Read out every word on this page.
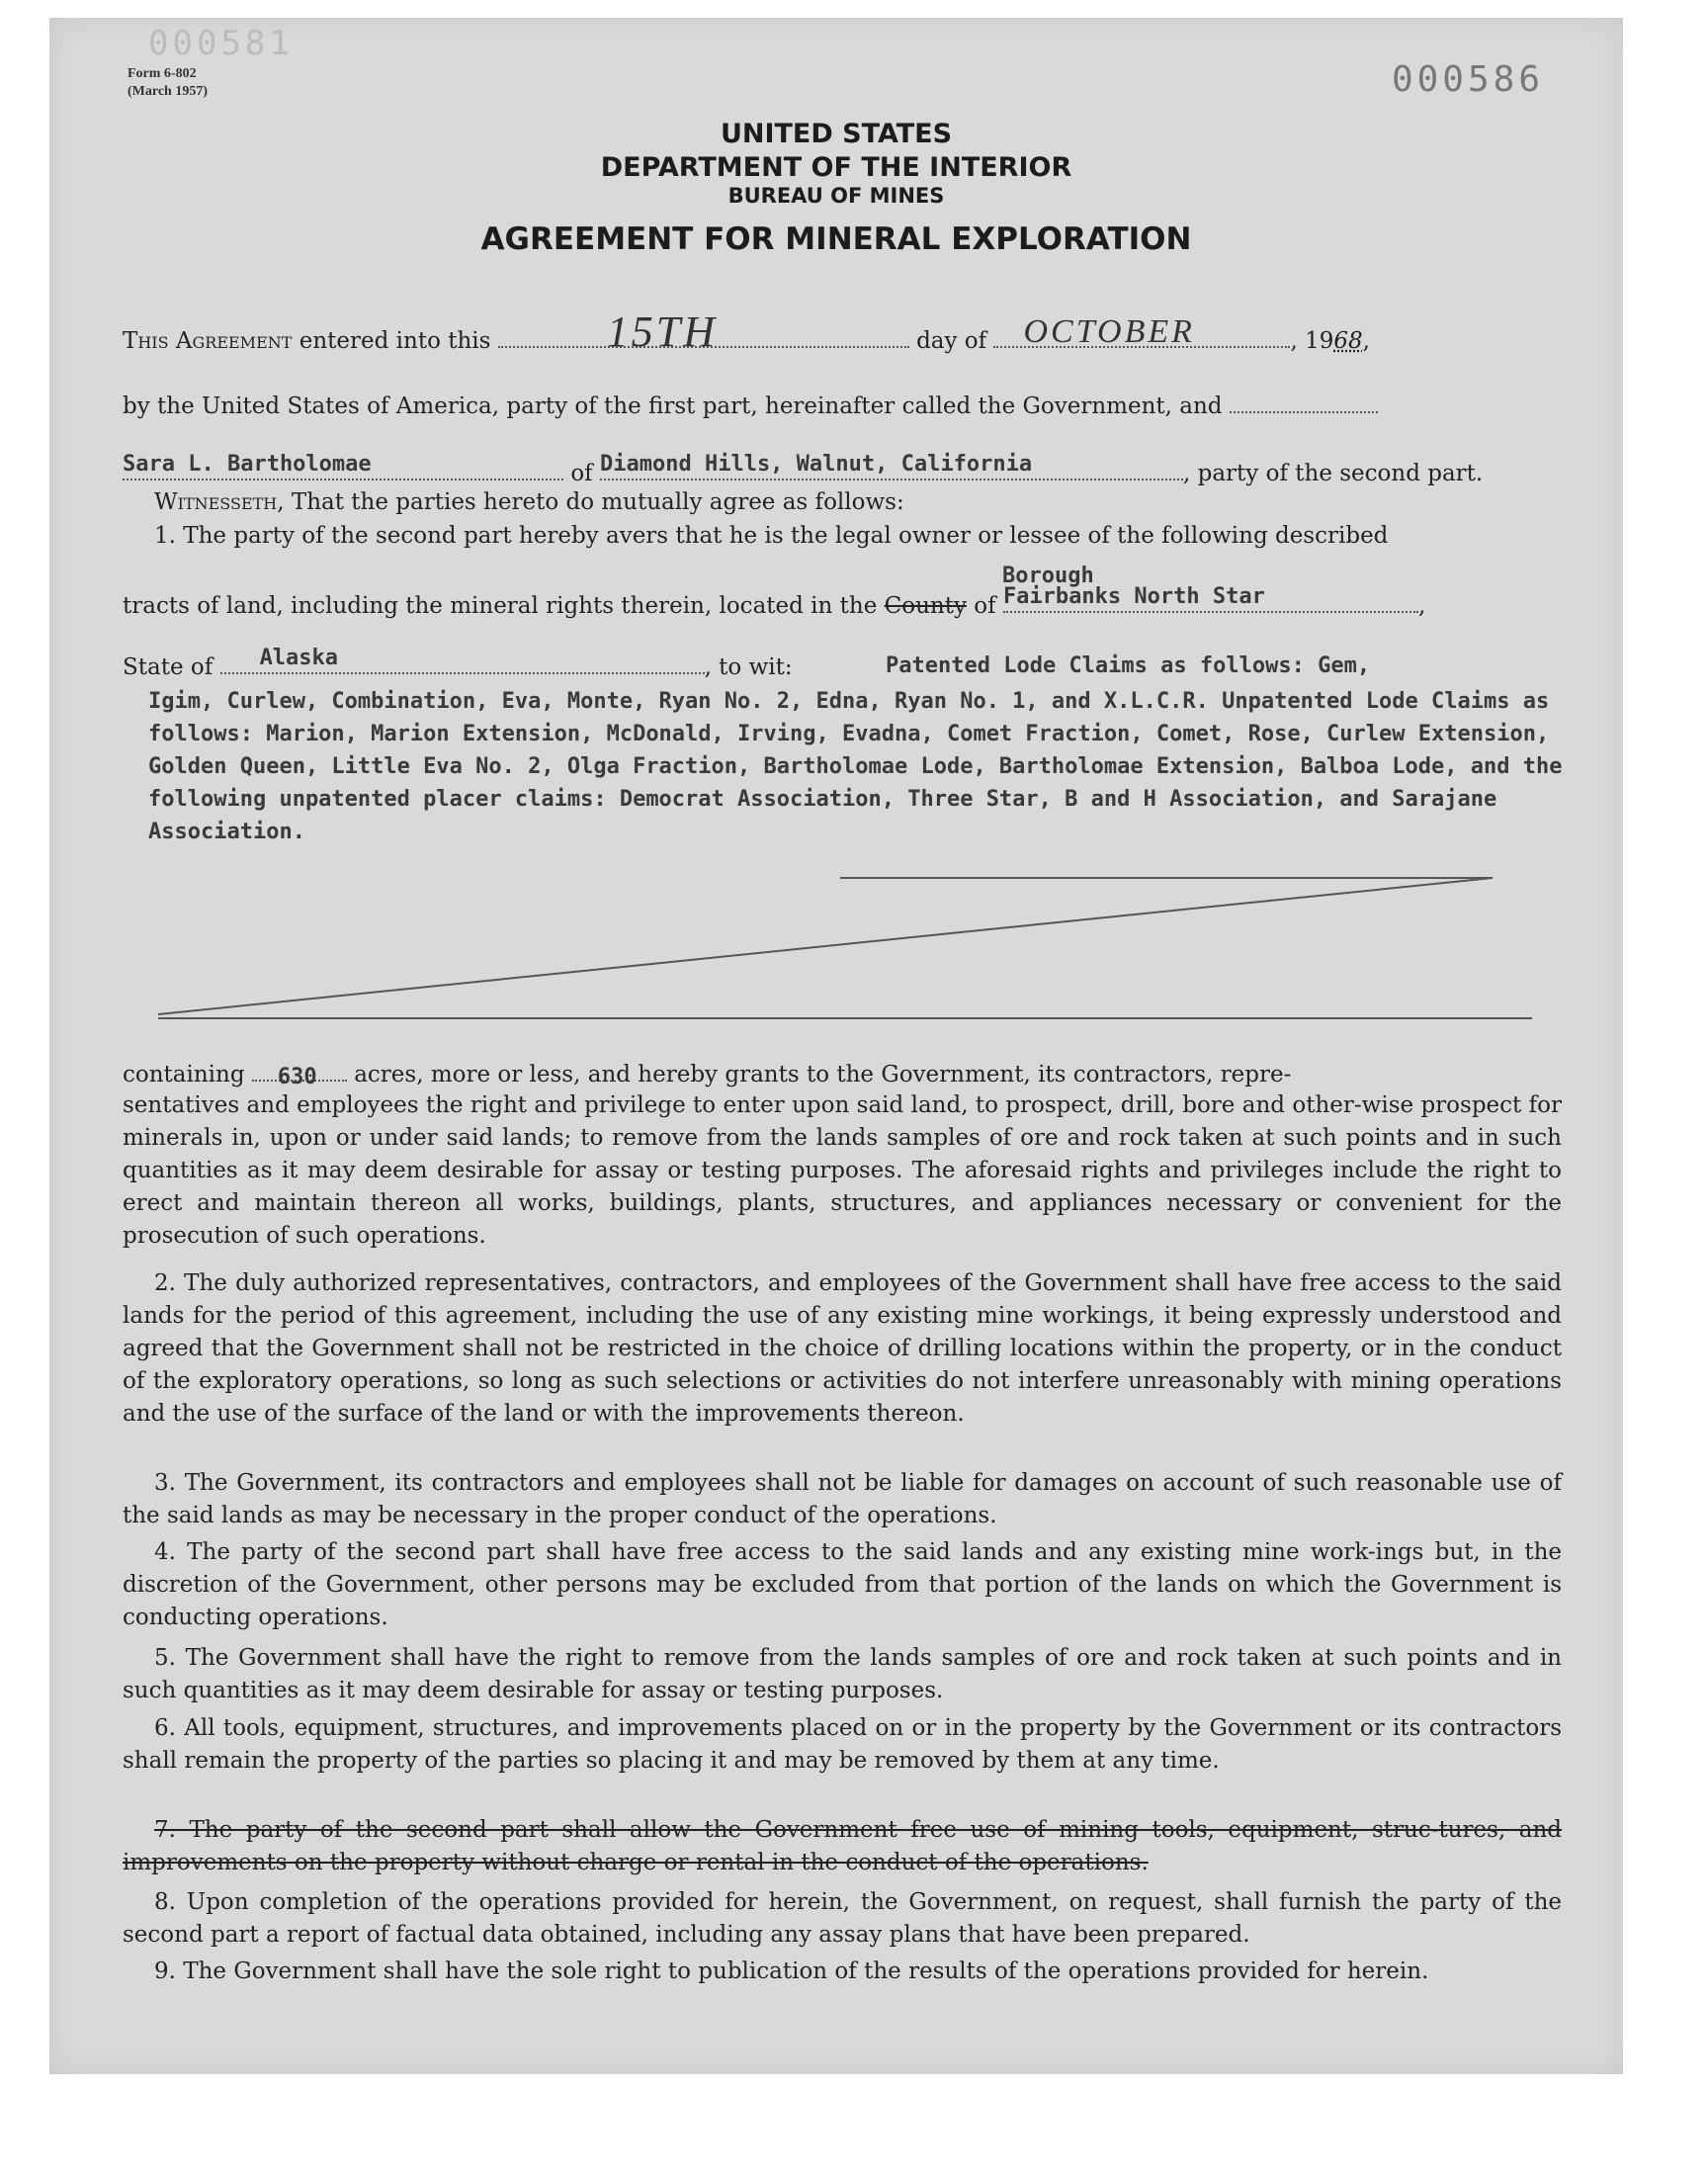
000581
Form 6-802
(March 1957)	000586
UNITED STATES
DEPARTMENT OF THE INTERIOR
BUREAU OF MINES
AGREEMENT FOR MINERAL EXPLORATION
This Agreement entered into this	15TH	day of OCTOBER	, 1968,
by the United States of America, party of the first part, hereinafter called the Government, and
Sara L. Bartholomae	of Diamond Hills, Walnut, California	, party of the second part.
Witnesseth, That the parties hereto do mutually agree as follows:
1. The party of the second part hereby avers that he is the legal owner or lessee of the following described
Borough
tracts of land, including the mineral rights therein, located in the County of Fairbanks North Star	,
State of Alaska	, to wit:	Patented Lode Claims as follows: Gem,
Igim, Curlew, Combination, Eva, Monte, Ryan No. 2, Edna, Ryan No. 1, and X.L.C.R. Unpatented Lode Claims as follows: Marion, Marion Extension, McDonald, Irving, Evadna, Comet Fraction, Comet, Rose, Curlew Extension, Golden Queen, Little Eva No. 2, Olga Fraction, Bartholomae Lode, Bartholomae Extension, Balboa Lode, and the following unpatented placer claims: Democrat Association, Three Star, B and H Association, and Sarajane Association.
containing 630 acres, more or less, and hereby grants to the Government, its contractors, repre-
sentatives and employees the right and privilege to enter upon said land, to prospect, drill, bore and other-wise prospect for minerals in, upon or under said lands; to remove from the lands samples of ore and rock taken at such points and in such quantities as it may deem desirable for assay or testing purposes. The aforesaid rights and privileges include the right to erect and maintain thereon all works, buildings, plants, structures, and appliances necessary or convenient for the prosecution of such operations.
2. The duly authorized representatives, contractors, and employees of the Government shall have free access to the said lands for the period of this agreement, including the use of any existing mine workings, it being expressly understood and agreed that the Government shall not be restricted in the choice of drilling locations within the property, or in the conduct of the exploratory operations, so long as such selections or activities do not interfere unreasonably with mining operations and the use of the surface of the land or with the improvements thereon.
3. The Government, its contractors and employees shall not be liable for damages on account of such reasonable use of the said lands as may be necessary in the proper conduct of the operations.
4. The party of the second part shall have free access to the said lands and any existing mine work-ings but, in the discretion of the Government, other persons may be excluded from that portion of the lands on which the Government is conducting operations.
5. The Government shall have the right to remove from the lands samples of ore and rock taken at such points and in such quantities as it may deem desirable for assay or testing purposes.
6. All tools, equipment, structures, and improvements placed on or in the property by the Government or its contractors shall remain the property of the parties so placing it and may be removed by them at any time.
7. The party of the second part shall allow the Government free use of mining tools, equipment, struc-tures, and improvements on the property without charge or rental in the conduct of the operations.
8. Upon completion of the operations provided for herein, the Government, on request, shall furnish the party of the second part a report of factual data obtained, including any assay plans that have been prepared.
9. The Government shall have the sole right to publication of the results of the operations provided for herein.
